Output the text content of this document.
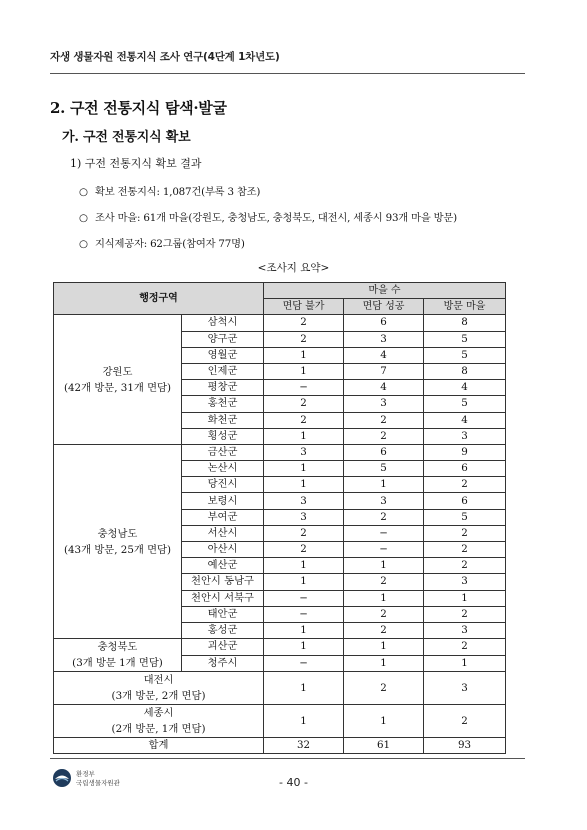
자생 생물자원 전통지식 조사 연구(4단계 1차년도)
2. 구전 전통지식 탐색·발굴
가. 구전 전통지식 확보
1) 구전 전통지식 확보 결과
○ 확보 전통지식: 1,087건(부록 3 참조)
○ 조사 마을: 61개 마을(강원도, 충청남도, 충청북도, 대전시, 세종시 93개 마을 방문)
○ 지식제공자: 62그룹(참여자 77명)
<조사지 요약>
행정구역		마을 수		
		면담 불가	면담 성공	방문 마을

강원도
(42개 방문, 31개 면담)	삼척시	2	6	8
	양구군	2	3	5
	영월군	1	4	5
	인제군	1	7	8
	평창군	−	4	4
	홍천군	2	3	5
	화천군	2	2	4
	횡성군	1	2	3

충청남도
(43개 방문, 25개 면담)	금산군	3	6	9
	논산시	1	5	6
	당진시	1	1	2
	보령시	3	3	6
	부여군	3	2	5
	서산시	2	−	2
	아산시	2	−	2
	예산군	1	1	2
	천안시 동남구	1	2	3
	천안시 서북구	−	1	1
	태안군	−	2	2
	홍성군	1	2	3

충청북도
(3개 방문 1개 면담)	괴산군	1	1	2
	청주시	−	1	1

대전시
(3개 방문, 2개 면담)		1	2	3

세종시
(2개 방문, 1개 면담)		1	1	2
합계		32	61	93
환경부
국립생물자원관	- 40 -
